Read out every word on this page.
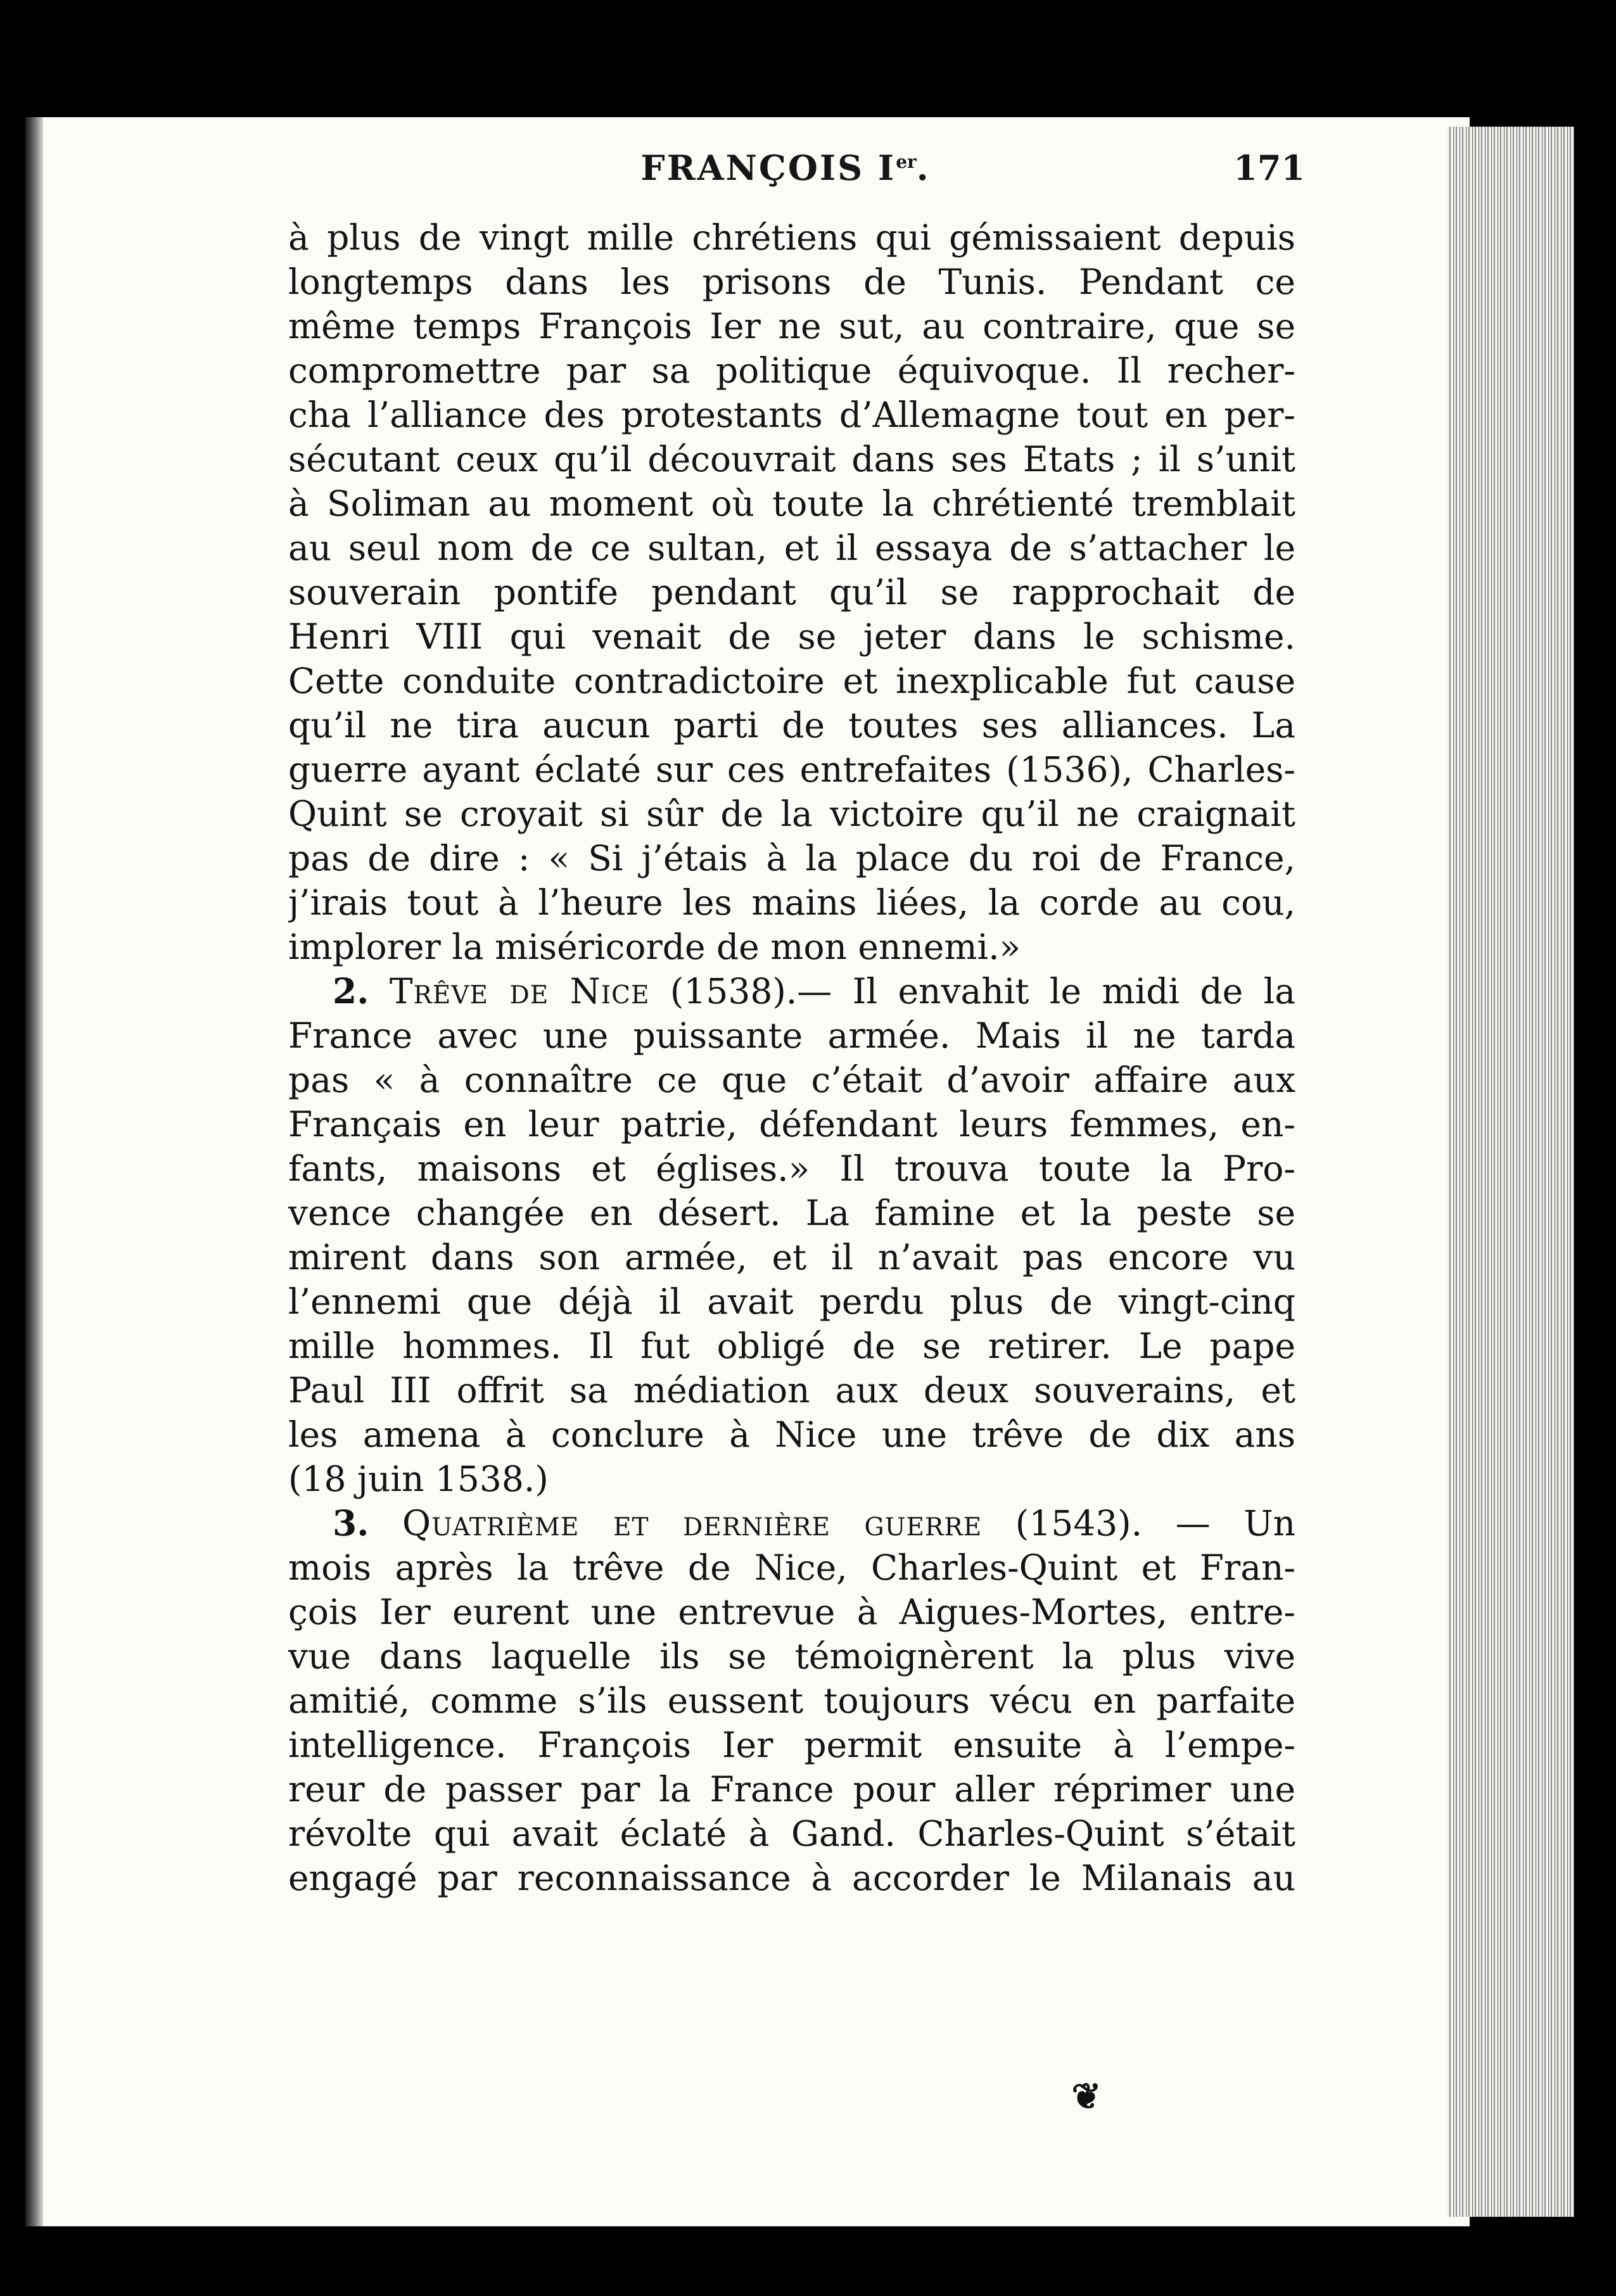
FRANÇOIS Ier.	171
à plus de vingt mille chrétiens qui gémissaient depuis
longtemps dans les prisons de Tunis. Pendant ce
même temps François Ier ne sut, au contraire, que se
compromettre par sa politique équivoque. Il recher-
cha l’alliance des protestants d’Allemagne tout en per-
sécutant ceux qu’il découvrait dans ses Etats ; il s’unit
à Soliman au moment où toute la chrétienté tremblait
au seul nom de ce sultan, et il essaya de s’attacher le
souverain pontife pendant qu’il se rapprochait de
Henri VIII qui venait de se jeter dans le schisme.
Cette conduite contradictoire et inexplicable fut cause
qu’il ne tira aucun parti de toutes ses alliances. La
guerre ayant éclaté sur ces entrefaites (1536), Charles-
Quint se croyait si sûr de la victoire qu’il ne craignait
pas de dire : « Si j’étais à la place du roi de France,
j’irais tout à l’heure les mains liées, la corde au cou,
implorer la miséricorde de mon ennemi.»
2. Trêve de Nice (1538).— Il envahit le midi de la
France avec une puissante armée. Mais il ne tarda
pas « à connaître ce que c’était d’avoir affaire aux
Français en leur patrie, défendant leurs femmes, en-
fants, maisons et églises.» Il trouva toute la Pro-
vence changée en désert. La famine et la peste se
mirent dans son armée, et il n’avait pas encore vu
l’ennemi que déjà il avait perdu plus de vingt-cinq
mille hommes. Il fut obligé de se retirer. Le pape
Paul III offrit sa médiation aux deux souverains, et
les amena à conclure à Nice une trêve de dix ans
(18 juin 1538.)
3. Quatrième et dernière guerre (1543). — Un
mois après la trêve de Nice, Charles-Quint et Fran-
çois Ier eurent une entrevue à Aigues-Mortes, entre-
vue dans laquelle ils se témoignèrent la plus vive
amitié, comme s’ils eussent toujours vécu en parfaite
intelligence. François Ier permit ensuite à l’empe-
reur de passer par la France pour aller réprimer une
révolte qui avait éclaté à Gand. Charles-Quint s’était
engagé par reconnaissance à accorder le Milanais au
❦
